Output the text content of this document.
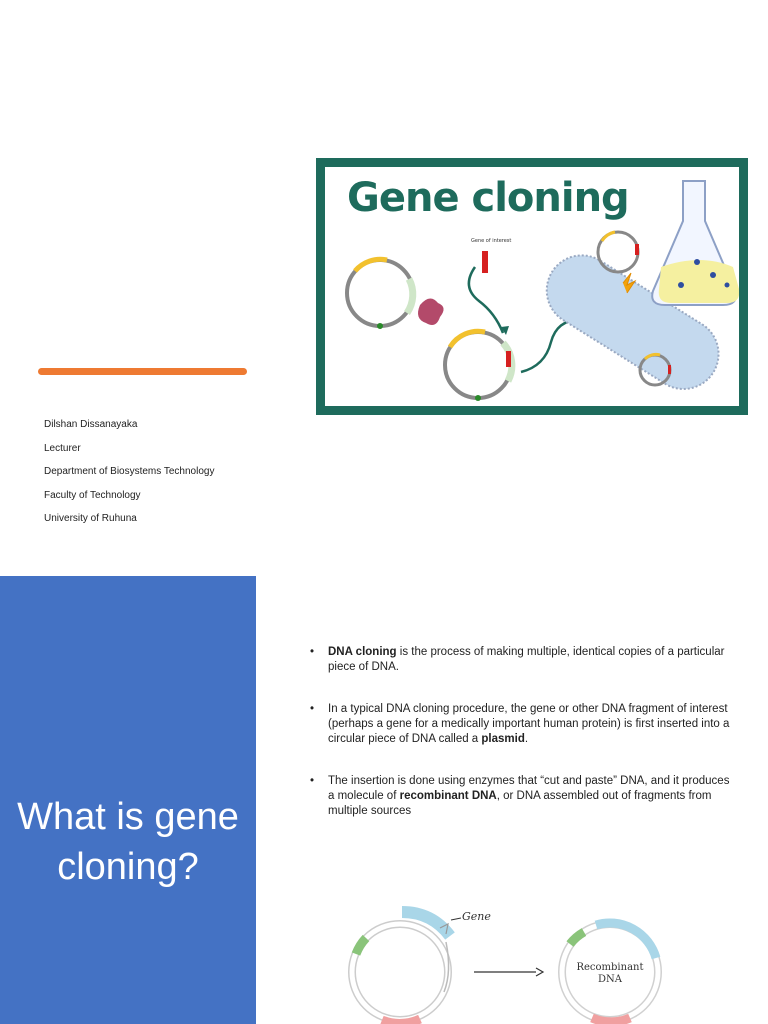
Gene cloning
Gene of interest
Dilshan Dissanayaka
Lecturer
Department of Biosystems Technology
Faculty of Technology
University of Ruhuna
What is gene cloning?
• DNA cloning is the process of making multiple, identical copies of a particular piece of DNA.
• In a typical DNA cloning procedure, the gene or other DNA fragment of interest (perhaps a gene for a medically important human protein) is first inserted into a circular piece of DNA called a plasmid.
• The insertion is done using enzymes that “cut and paste” DNA, and it produces a molecule of recombinant DNA, or DNA assembled out of fragments from multiple sources
Gene
Recombinant
DNA
